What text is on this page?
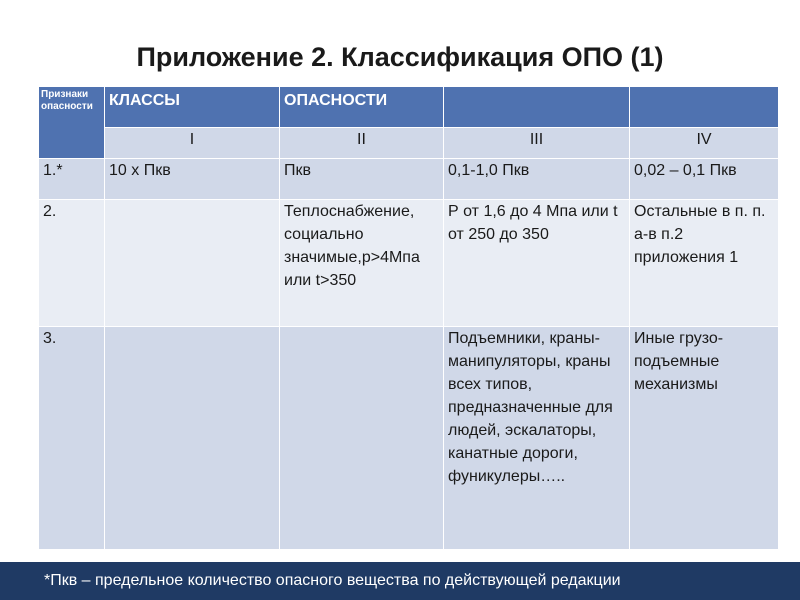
Приложение 2. Классификация ОПО (1)
Признаки опасности	КЛАССЫ	ОПАСНОСТИ		
	I	II	III	IV
1.*	10 х Пкв	Пкв	0,1-1,0 Пкв	0,02 – 0,1 Пкв
2.		Теплоснабжение, социально значимые,p>4Мпа или t>350	Р от 1,6 до 4 Мпа или t от 250 до 350	Остальные в п. п. а-в п.2 приложения 1
3.			Подъемники, краны-манипуляторы, краны всех типов, предназначенные для людей, эскалаторы, канатные дороги, фуникулеры…..	Иные грузо-подъемные механизмы
*Пкв – предельное количество опасного вещества по действующей редакции
